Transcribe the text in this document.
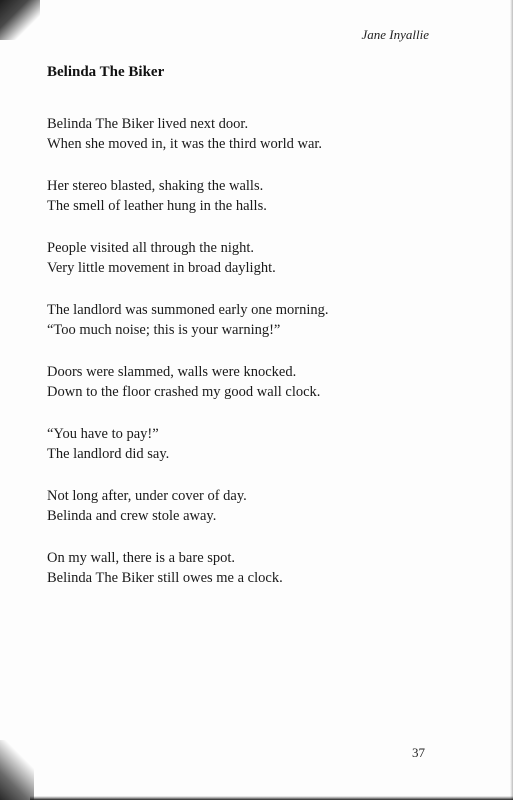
Jane Inyallie
Belinda The Biker

Belinda The Biker lived next door.
When she moved in, it was the third world war.

Her stereo blasted, shaking the walls.
The smell of leather hung in the halls.

People visited all through the night.
Very little movement in broad daylight.

The landlord was summoned early one morning.
“Too much noise; this is your warning!”

Doors were slammed, walls were knocked.
Down to the floor crashed my good wall clock.

“You have to pay!”
The landlord did say.

Not long after, under cover of day.
Belinda and crew stole away.

On my wall, there is a bare spot.
Belinda The Biker still owes me a clock.

37
